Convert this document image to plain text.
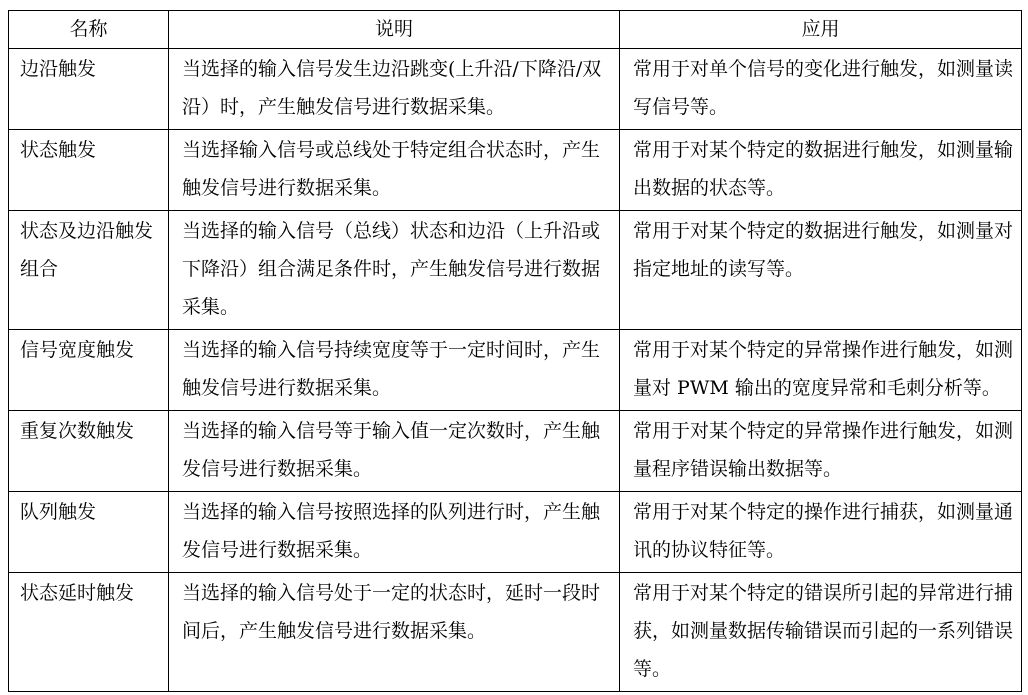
名称	说明	应用
边沿触发	当选择的输入信号发生边沿跳变(上升沿/下降沿/双沿）时，产生触发信号进行数据采集。	常用于对单个信号的变化进行触发，如测量读写信号等。
状态触发	当选择输入信号或总线处于特定组合状态时，产生触发信号进行数据采集。	常用于对某个特定的数据进行触发，如测量输出数据的状态等。
状态及边沿触发组合	当选择的输入信号（总线）状态和边沿（上升沿或下降沿）组合满足条件时，产生触发信号进行数据采集。	常用于对某个特定的数据进行触发，如测量对指定地址的读写等。
信号宽度触发	当选择的输入信号持续宽度等于一定时间时，产生触发信号进行数据采集。	常用于对某个特定的异常操作进行触发，如测量对 PWM 输出的宽度异常和毛刺分析等。
重复次数触发	当选择的输入信号等于输入值一定次数时，产生触发信号进行数据采集。	常用于对某个特定的异常操作进行触发，如测量程序错误输出数据等。
队列触发	当选择的输入信号按照选择的队列进行时，产生触发信号进行数据采集。	常用于对某个特定的操作进行捕获，如测量通讯的协议特征等。
状态延时触发	当选择的输入信号处于一定的状态时，延时一段时间后，产生触发信号进行数据采集。	常用于对某个特定的错误所引起的异常进行捕获，如测量数据传输错误而引起的一系列错误等。
